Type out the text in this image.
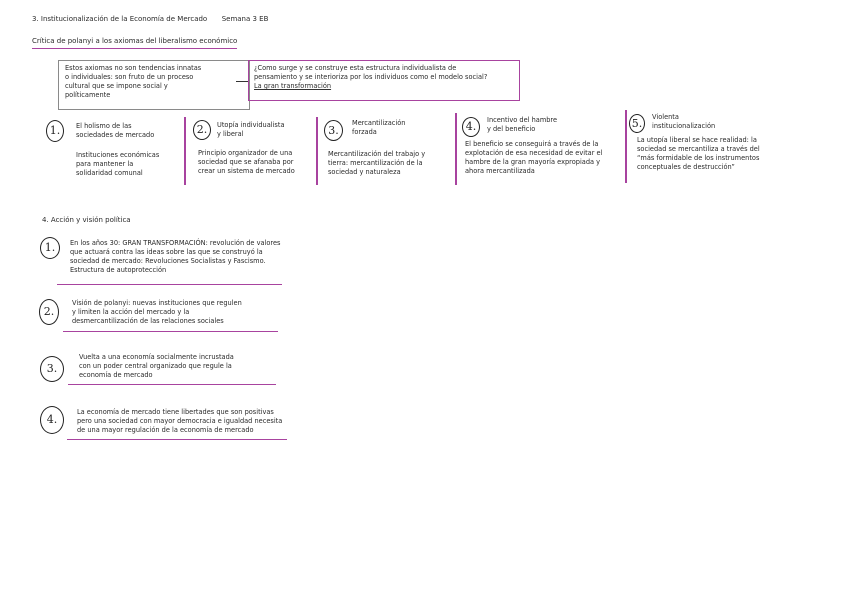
3. Institucionalización de la Economía de Mercado Semana 3 EB
Crítica de polanyi a los axiomas del liberalismo económico

Estos axiomas no son tendencias innatas

o individuales: son fruto de un proceso

cultural que se impone social y

políticamente

¿Como surge y se construye esta estructura individualista de

pensamiento y se interioriza por los individuos como el modelo social?

La gran transformación

1.	El holismo de las

sociedades de mercado

Instituciones económicas

para mantener la

solidaridad comunal

2.	Utopía individualista

y liberal

Principio organizador de una

sociedad que se afanaba por

crear un sistema de mercado

3.

Mercantilización

forzada

Mercantilización del trabajo y

tierra: mercantilización de la

sociedad y naturaleza

4.

Incentivo del hambre

y del beneficio

El beneficio se conseguirá a través de la

explotación de esa necesidad de evitar el

hambre de la gran mayoría expropiada y

ahora mercantilizada

5.	Violenta

institucionalización

La utopía liberal se hace realidad: la

sociedad se mercantiliza a través del

“más formidable de los instrumentos

conceptuales de destrucción”

4. Acción y visión política
1.	En los años 30: GRAN TRANSFORMACIÓN: revolución de valores

que actuará contra las ideas sobre las que se construyó la

sociedad de mercado: Revoluciones Socialistas y Fascismo.

Estructura de autoprotección

2.

Visión de polanyi: nuevas instituciones que regulen

y limiten la acción del mercado y la

desmercantilización de las relaciones sociales

3.

Vuelta a una economía socialmente incrustada

con un poder central organizado que regule la

economía de mercado

4.

La economía de mercado tiene libertades que son positivas

pero una sociedad con mayor democracia e igualdad necesita

de una mayor regulación de la economía de mercado
